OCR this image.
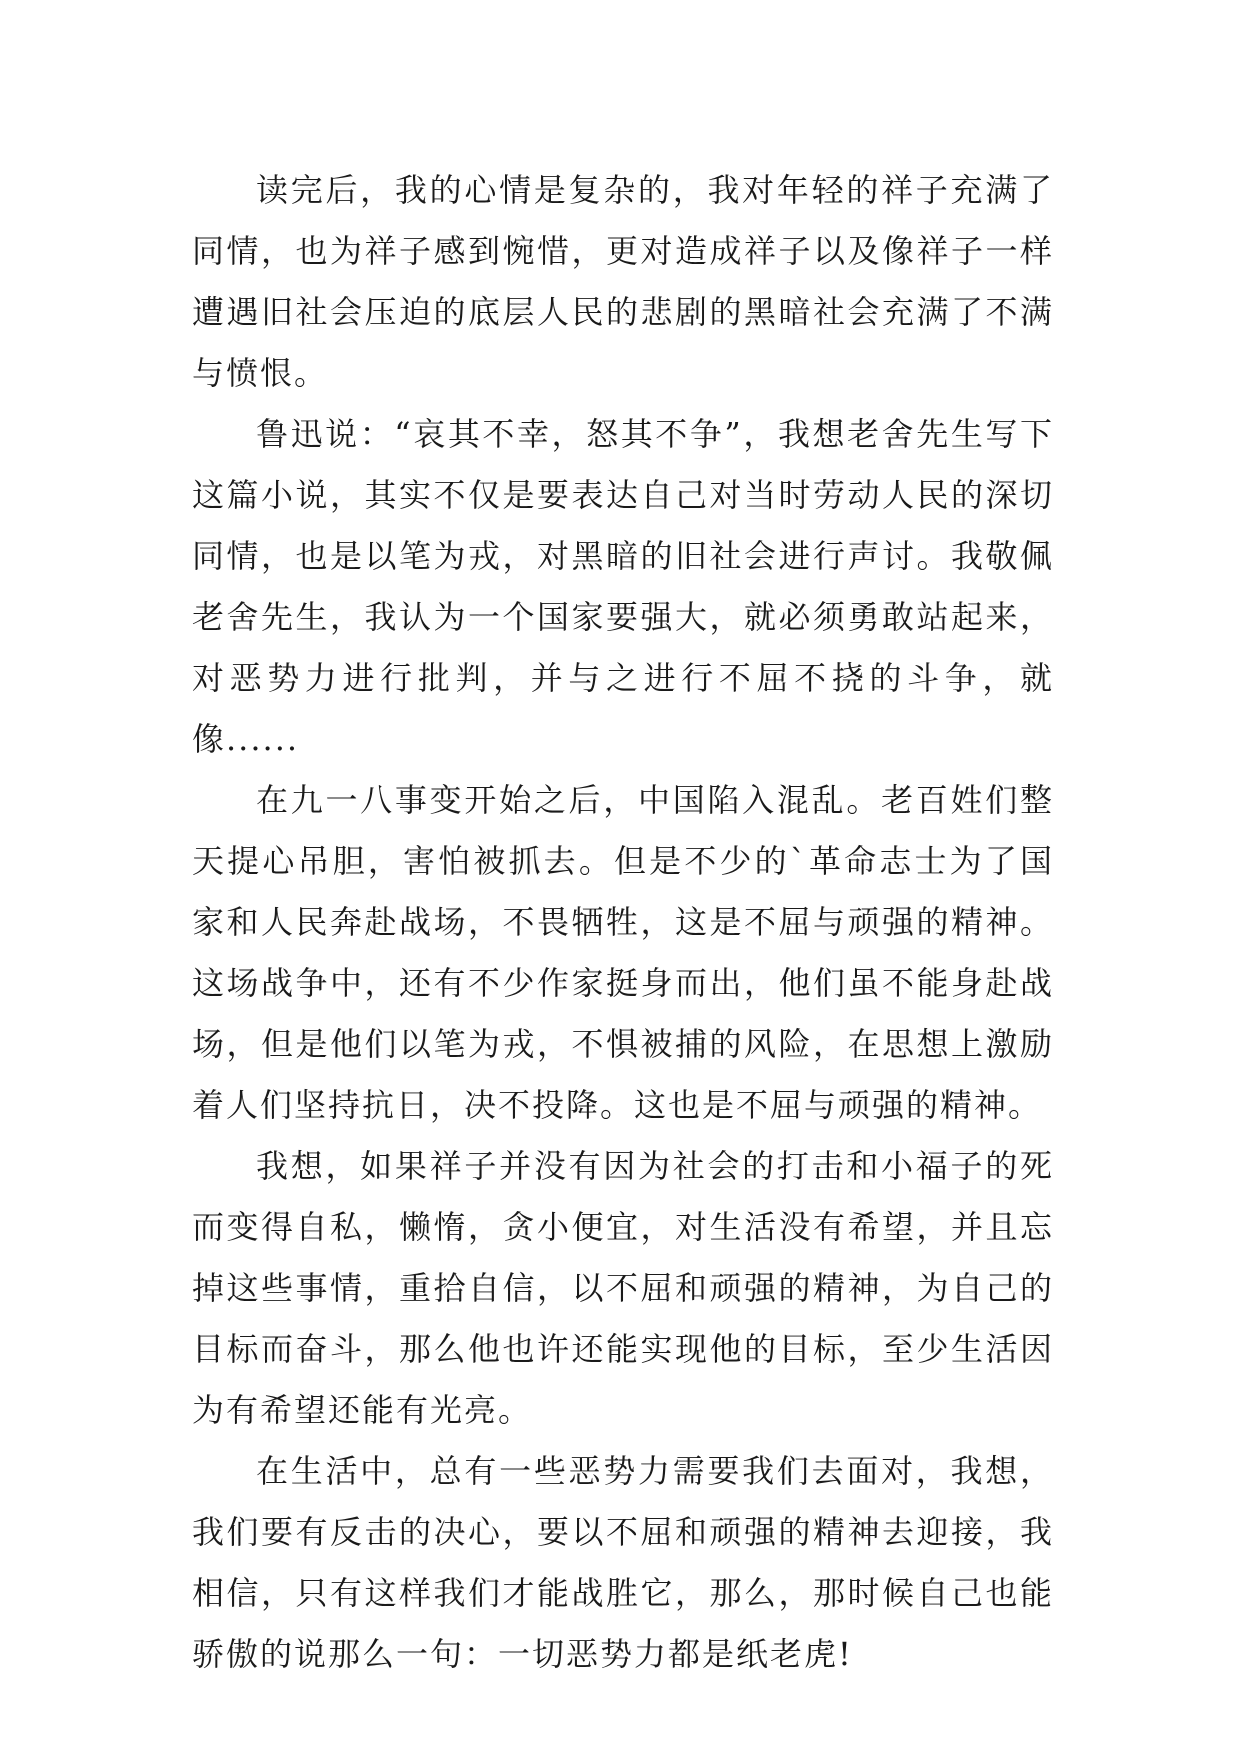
读完后，我的心情是复杂的，我对年轻的祥子充满了同情，也为祥子感到惋惜，更对造成祥子以及像祥子一样遭遇旧社会压迫的底层人民的悲剧的黑暗社会充满了不满与愤恨。

鲁迅说：“哀其不幸，怒其不争”，我想老舍先生写下这篇小说，其实不仅是要表达自己对当时劳动人民的深切同情，也是以笔为戎，对黑暗的旧社会进行声讨。我敬佩老舍先生，我认为一个国家要强大，就必须勇敢站起来，对恶势力进行批判，并与之进行不屈不挠的斗争，就像......

在九一八事变开始之后，中国陷入混乱。老百姓们整天提心吊胆，害怕被抓去。但是不少的`革命志士为了国家和人民奔赴战场，不畏牺牲，这是不屈与顽强的精神。这场战争中，还有不少作家挺身而出，他们虽不能身赴战场，但是他们以笔为戎，不惧被捕的风险，在思想上激励着人们坚持抗日，决不投降。这也是不屈与顽强的精神。

我想，如果祥子并没有因为社会的打击和小福子的死而变得自私，懒惰，贪小便宜，对生活没有希望，并且忘掉这些事情，重拾自信，以不屈和顽强的精神，为自己的目标而奋斗，那么他也许还能实现他的目标，至少生活因为有希望还能有光亮。

在生活中，总有一些恶势力需要我们去面对，我想，我们要有反击的决心，要以不屈和顽强的精神去迎接，我相信，只有这样我们才能战胜它，那么，那时候自己也能骄傲的说那么一句：一切恶势力都是纸老虎!
